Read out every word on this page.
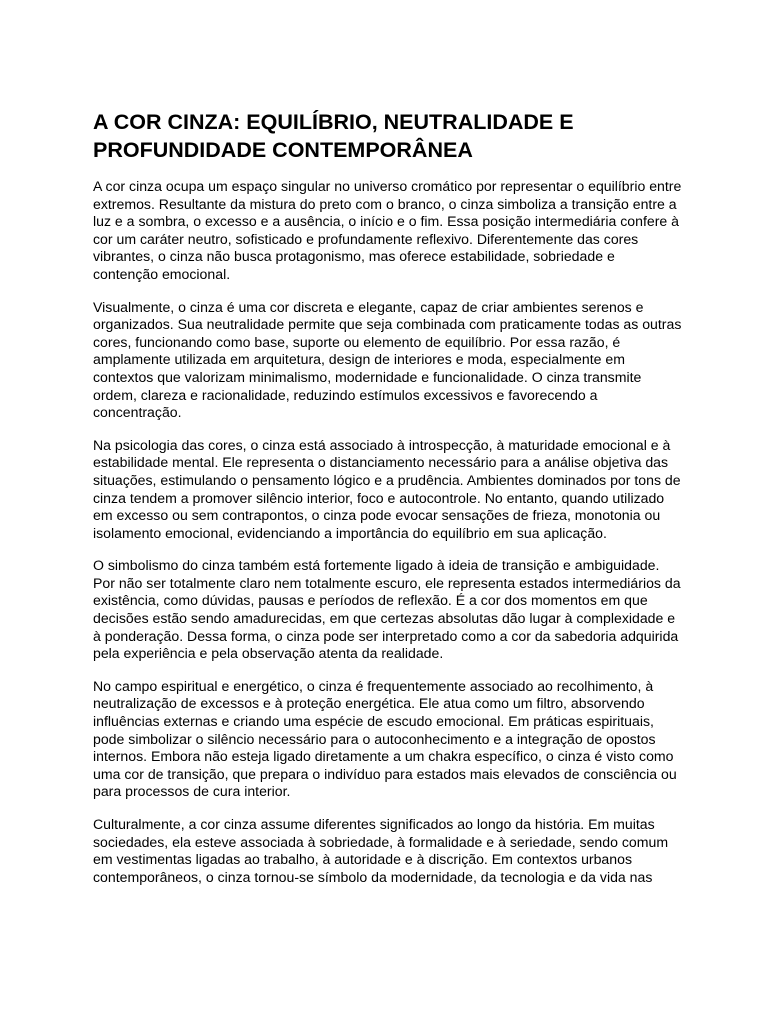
A COR CINZA: EQUILÍBRIO, NEUTRALIDADE E PROFUNDIDADE CONTEMPORÂNEA

A cor cinza ocupa um espaço singular no universo cromático por representar o equilíbrio entre extremos. Resultante da mistura do preto com o branco, o cinza simboliza a transição entre a luz e a sombra, o excesso e a ausência, o início e o fim. Essa posição intermediária confere à cor um caráter neutro, sofisticado e profundamente reflexivo. Diferentemente das cores vibrantes, o cinza não busca protagonismo, mas oferece estabilidade, sobriedade e contenção emocional.

Visualmente, o cinza é uma cor discreta e elegante, capaz de criar ambientes serenos e organizados. Sua neutralidade permite que seja combinada com praticamente todas as outras cores, funcionando como base, suporte ou elemento de equilíbrio. Por essa razão, é amplamente utilizada em arquitetura, design de interiores e moda, especialmente em contextos que valorizam minimalismo, modernidade e funcionalidade. O cinza transmite ordem, clareza e racionalidade, reduzindo estímulos excessivos e favorecendo a concentração.

Na psicologia das cores, o cinza está associado à introspecção, à maturidade emocional e à estabilidade mental. Ele representa o distanciamento necessário para a análise objetiva das situações, estimulando o pensamento lógico e a prudência. Ambientes dominados por tons de cinza tendem a promover silêncio interior, foco e autocontrole. No entanto, quando utilizado em excesso ou sem contrapontos, o cinza pode evocar sensações de frieza, monotonia ou isolamento emocional, evidenciando a importância do equilíbrio em sua aplicação.

O simbolismo do cinza também está fortemente ligado à ideia de transição e ambiguidade. Por não ser totalmente claro nem totalmente escuro, ele representa estados intermediários da existência, como dúvidas, pausas e períodos de reflexão. É a cor dos momentos em que decisões estão sendo amadurecidas, em que certezas absolutas dão lugar à complexidade e à ponderação. Dessa forma, o cinza pode ser interpretado como a cor da sabedoria adquirida pela experiência e pela observação atenta da realidade.

No campo espiritual e energético, o cinza é frequentemente associado ao recolhimento, à neutralização de excessos e à proteção energética. Ele atua como um filtro, absorvendo influências externas e criando uma espécie de escudo emocional. Em práticas espirituais, pode simbolizar o silêncio necessário para o autoconhecimento e a integração de opostos internos. Embora não esteja ligado diretamente a um chakra específico, o cinza é visto como uma cor de transição, que prepara o indivíduo para estados mais elevados de consciência ou para processos de cura interior.

Culturalmente, a cor cinza assume diferentes significados ao longo da história. Em muitas sociedades, ela esteve associada à sobriedade, à formalidade e à seriedade, sendo comum em vestimentas ligadas ao trabalho, à autoridade e à discrição. Em contextos urbanos contemporâneos, o cinza tornou-se símbolo da modernidade, da tecnologia e da vida nas
